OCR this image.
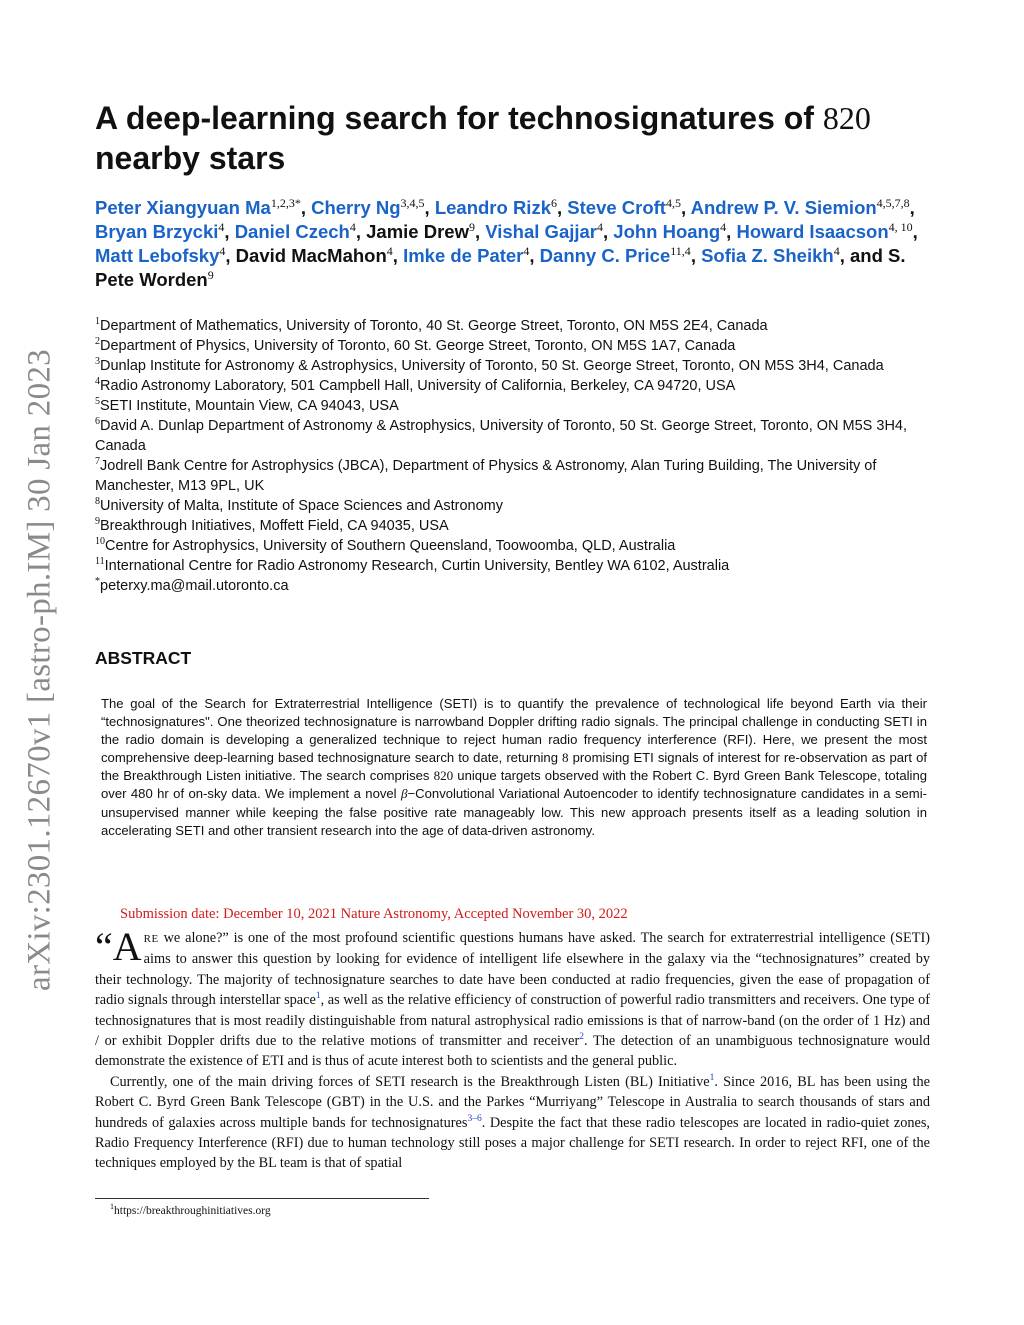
arXiv:2301.12670v1 [astro-ph.IM] 30 Jan 2023
A deep-learning search for technosignatures of 820
nearby stars
Peter Xiangyuan $Ma^{1,2,3*}$, Cherry Ng$^{3,4,5}$, Leandro Rizk$^6$, Steve Croft$^{4,5}$, Andrew P. V. Siemion$^{4,5,7,8}$, Bryan Brzycki$^4$, Daniel Czech$^4$, Jamie Drew$^9$, Vishal Gajjar$^4$, John Hoang$^4$, Howard Isaacson$^{4, 10}$, Matt Lebofsky$^4$, David MacMahon$^4$, Imke de Pater$^4$, Danny C. Price$^{11,4}$, Sofia Z. Sheikh$^4$, and S. Pete Worden$^9$
$^1$Department of Mathematics, University of Toronto, 40 St. George Street, Toronto, ON M5S 2E4, Canada
$^2$Department of Physics, University of Toronto, 60 St. George Street, Toronto, ON M5S 1A7, Canada
$^3$Dunlap Institute for Astronomy & Astrophysics, University of Toronto, 50 St. George Street, Toronto, ON M5S 3H4, Canada
$^4$Radio Astronomy Laboratory, 501 Campbell Hall, University of California, Berkeley, CA 94720, USA
$^5$SETI Institute, Mountain View, CA 94043, USA
$^6$David A. Dunlap Department of Astronomy & Astrophysics, University of Toronto, 50 St. George Street, Toronto, ON M5S 3H4, Canada
$^7$Jodrell Bank Centre for Astrophysics (JBCA), Department of Physics & Astronomy, Alan Turing Building, The University of Manchester, M13 9PL, UK
$^8$University of Malta, Institute of Space Sciences and Astronomy
$^9$Breakthrough Initiatives, Moffett Field, CA 94035, USA
$^{10}$Centre for Astrophysics, University of Southern Queensland, Toowoomba, QLD, Australia
$^{11}$International Centre for Radio Astronomy Research, Curtin University, Bentley WA 6102, Australia
*peterxy.ma@mail.utoronto.ca
ABSTRACT
The goal of the Search for Extraterrestrial Intelligence (SETI) is to quantify the prevalence of technological life beyond Earth via their “technosignatures". One theorized technosignature is narrowband Doppler drifting radio signals. The principal challenge in conducting SETI in the radio domain is developing a generalized technique to reject human radio frequency interference (RFI). Here, we present the most comprehensive deep-learning based technosignature search to date, returning 8 promising ETI signals of interest for re-observation as part of the Breakthrough Listen initiative. The search comprises 820 unique targets observed with the Robert C. Byrd Green Bank Telescope, totaling over 480 hr of on-sky data. We implement a novel β−Convolutional Variational Autoencoder to identify technosignature candidates in a semi-unsupervised manner while keeping the false positive rate manageably low. This new approach presents itself as a leading solution in accelerating SETI and other transient research into the age of data-driven astronomy.
Submission date: December 10, 2021 Nature Astronomy, Accepted November 30, 2022

“A RE we alone?” is one of the most profound scientific questions humans have asked. The search for extraterrestrial intelligence (SETI) aims to answer this question by looking for evidence of intelligent life elsewhere in the galaxy via the “technosignatures” created by their technology. The majority of technosignature searches to date have been conducted at radio frequencies, given the ease of propagation of radio signals through interstellar space$^1$, as well as the relative efficiency of construction of powerful radio transmitters and receivers. One type of technosignatures that is most readily distinguishable from natural astrophysical radio emissions is that of narrow-band (on the order of 1 Hz) and / or exhibit Doppler drifts due to the relative motions of transmitter and receiver$^2$. The detection of an unambiguous technosignature would demonstrate the existence of ETI and is thus of acute interest both to scientists and the general public.

Currently, one of the main driving forces of SETI research is the Breakthrough Listen (BL) Initiative$^1$. Since 2016, BL has been using the Robert C. Byrd Green Bank Telescope (GBT) in the U.S. and the Parkes “Murriyang” Telescope in Australia to search thousands of stars and hundreds of galaxies across multiple bands for technosignatures$^{3-6}$. Despite the fact that these radio telescopes are located in radio-quiet zones, Radio Frequency Interference (RFI) due to human technology still poses a major challenge for SETI research. In order to reject RFI, one of the techniques employed by the BL team is that of spatial

$^1$https://breakthroughinitiatives.org
